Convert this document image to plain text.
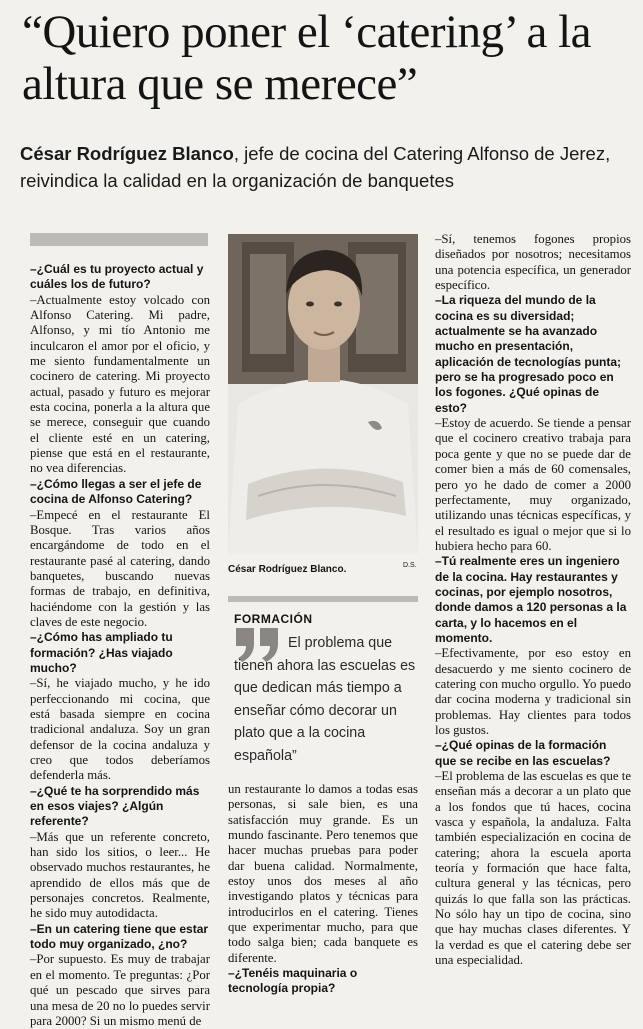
“Quiero poner el ‘catering’ a la altura que se merece”

César Rodríguez Blanco, jefe de cocina del Catering Alfonso de Jerez, reivindica la calidad en la organización de banquetes

–¿Cuál es tu proyecto actual y cuáles los de futuro?

–Actualmente estoy volcado con Alfonso Catering. Mi padre, Alfonso, y mi tío Antonio me inculcaron el amor por el oficio, y me siento fundamentalmente un cocinero de catering. Mi proyecto actual, pasado y futuro es mejorar esta cocina, ponerla a la altura que se merece, conseguir que cuando el cliente esté en un catering, piense que está en el restaurante, no vea diferencias.

–¿Cómo llegas a ser el jefe de cocina de Alfonso Catering?

–Empecé en el restaurante El Bosque. Tras varios años encargándome de todo en el restaurante pasé al catering, dando banquetes, buscando nuevas formas de trabajo, en definitiva, haciéndome con la gestión y las claves de este negocio.

–¿Cómo has ampliado tu formación? ¿Has viajado mucho?

–Sí, he viajado mucho, y he ido perfeccionando mi cocina, que está basada siempre en cocina tradicional andaluza. Soy un gran defensor de la cocina andaluza y creo que todos deberíamos defenderla más.

–¿Qué te ha sorprendido más en esos viajes? ¿Algún referente?

–Más que un referente concreto, han sido los sitios, o leer... He observado muchos restaurantes, he aprendido de ellos más que de personajes concretos. Realmente, he sido muy autodidacta.

–En un catering tiene que estar todo muy organizado, ¿no?

–Por supuesto. Es muy de trabajar en el momento. Te preguntas: ¿Por qué un pescado que sirves para una mesa de 20 no lo puedes servir para 2000? Si un mismo menú de

César Rodríguez Blanco.	D.S.

FORMACIÓN
El problema que tienen ahora las escuelas es que dedican más tiempo a enseñar cómo decorar un plato que a la cocina española”

un restaurante lo damos a todas esas personas, si sale bien, es una satisfacción muy grande. Es un mundo fascinante. Pero tenemos que hacer muchas pruebas para poder dar buena calidad. Normalmente, estoy unos dos meses al año investigando platos y técnicas para introducirlos en el catering. Tienes que experimentar mucho, para que todo salga bien; cada banquete es diferente.

–¿Tenéis maquinaria o tecnología propia?

–Sí, tenemos fogones propios diseñados por nosotros; necesitamos una potencia específica, un generador específico.

–La riqueza del mundo de la cocina es su diversidad; actualmente se ha avanzado mucho en presentación, aplicación de tecnologías punta; pero se ha progresado poco en los fogones. ¿Qué opinas de esto?

–Estoy de acuerdo. Se tiende a pensar que el cocinero creativo trabaja para poca gente y que no se puede dar de comer bien a más de 60 comensales, pero yo he dado de comer a 2000 perfectamente, muy organizado, utilizando unas técnicas específicas, y el resultado es igual o mejor que si lo hubiera hecho para 60.

–Tú realmente eres un ingeniero de la cocina. Hay restaurantes y cocinas, por ejemplo nosotros, donde damos a 120 personas a la carta, y lo hacemos en el momento.

–Efectivamente, por eso estoy en desacuerdo y me siento cocinero de catering con mucho orgullo. Yo puedo dar cocina moderna y tradicional sin problemas. Hay clientes para todos los gustos.

–¿Qué opinas de la formación que se recibe en las escuelas?

–El problema de las escuelas es que te enseñan más a decorar a un plato que a los fondos que tú haces, cocina vasca y española, la andaluza. Falta también especialización en cocina de catering; ahora la escuela aporta teoría y formación que hace falta, cultura general y las técnicas, pero quizás lo que falla son las prácticas. No sólo hay un tipo de cocina, sino que hay muchas clases diferentes. Y la verdad es que el catering debe ser una especialidad.
